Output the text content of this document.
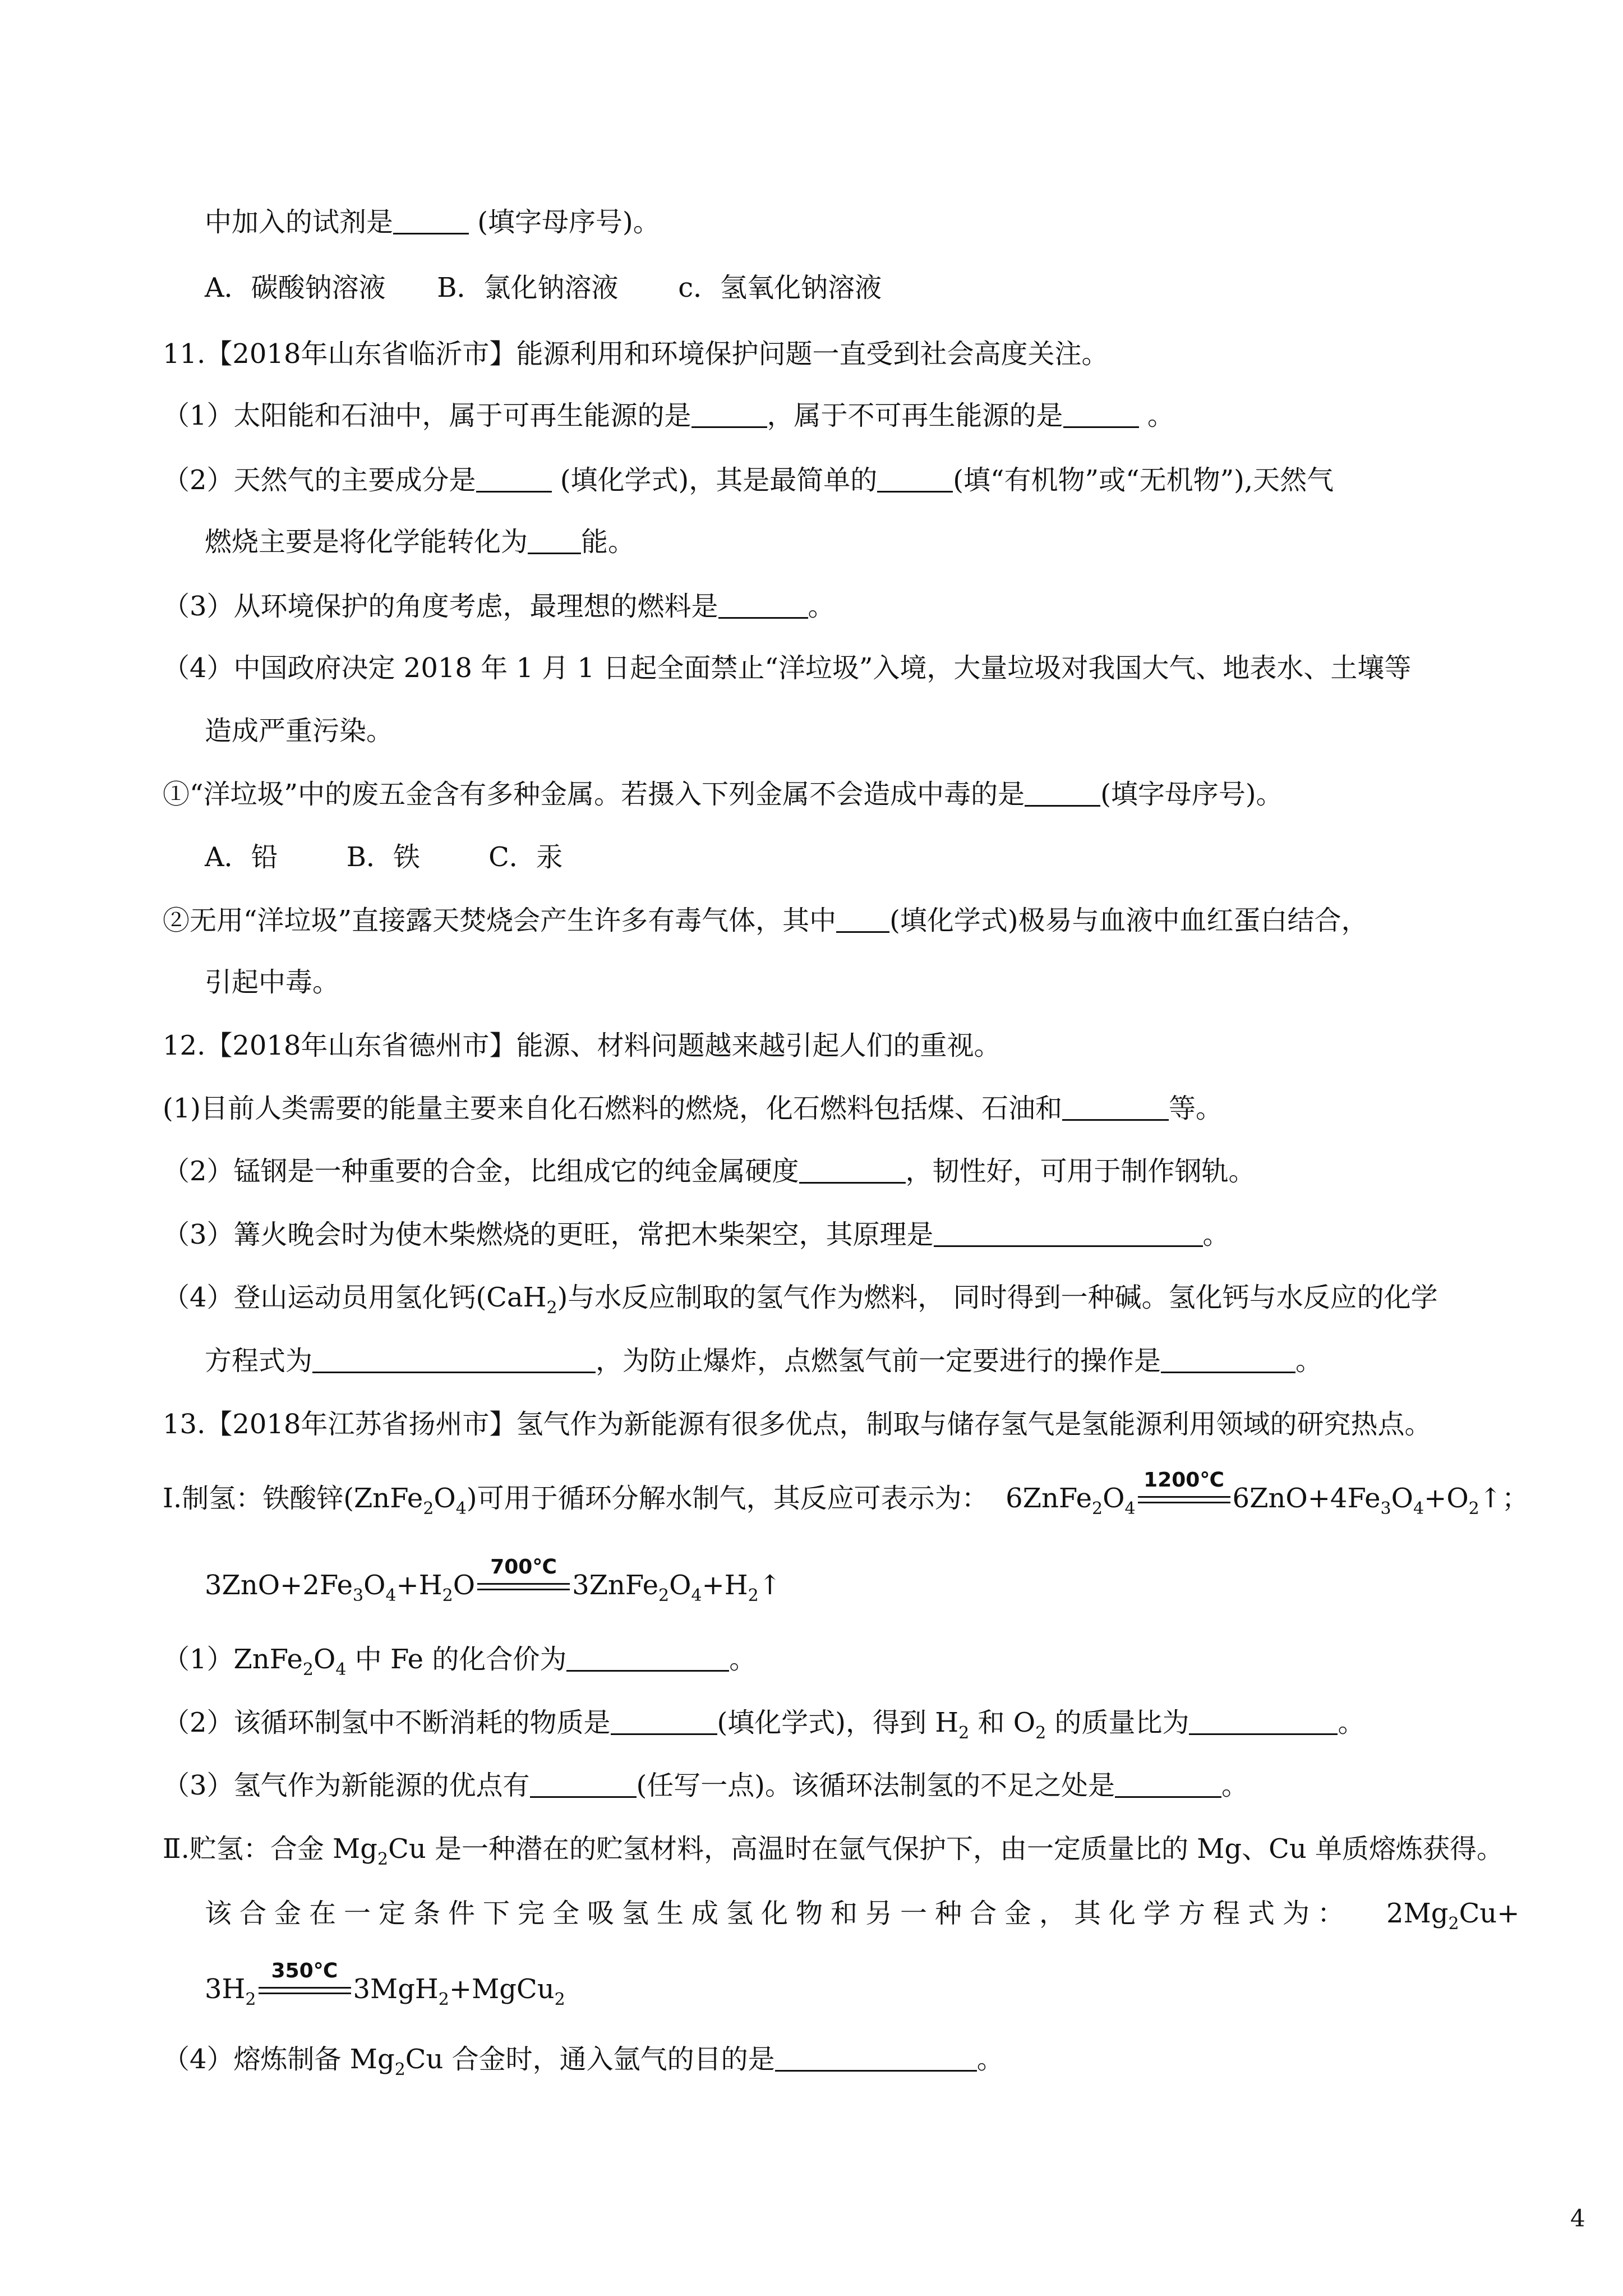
中加入的试剂是	(填字母序号)。
A．碳酸钠溶液      B．氯化钠溶液       c．氢氧化钠溶液
11.【2018年山东省临沂市】能源利用和环境保护问题一直受到社会高度关注。
（1）太阳能和石油中，属于可再生能源的是	，属于不可再生能源的是	。
（2）天然气的主要成分是	(填化学式)，其是最简单的	(填“有机物”或“无机物”),天然气
燃烧主要是将化学能转化为 能。
（3）从环境保护的角度考虑，最理想的燃料是	。
（4）中国政府决定 2018 年 1 月 1 日起全面禁止“洋垃圾”入境，大量垃圾对我国大气、地表水、土壤等
造成严重污染。
①“洋垃圾”中的废五金含有多种金属。若摄入下列金属不会造成中毒的是	(填字母序号)。
A．铅        B．铁        C．汞
②无用“洋垃圾”直接露天焚烧会产生许多有毒气体，其中 (填化学式)极易与血液中血红蛋白结合，
引起中毒。
12.【2018年山东省德州市】能源、材料问题越来越引起人们的重视。
(1)目前人类需要的能量主要来自化石燃料的燃烧，化石燃料包括煤、石油和	等。
（2）锰钢是一种重要的合金，比组成它的纯金属硬度	，韧性好，可用于制作钢轨。
（3）篝火晚会时为使木柴燃烧的更旺，常把木柴架空，其原理是	。
（4）登山运动员用氢化钙(CaH$_2$)与水反应制取的氢气作为燃料， 同时得到一种碱。氢化钙与水反应的化学
方程式为	，为防止爆炸，点燃氢气前一定要进行的操作是	。
13.【2018年江苏省扬州市】氢气作为新能源有很多优点，制取与储存氢气是氢能源利用领域的研究热点。
I.制氢：铁酸锌$(ZnFe_2O_4)$可用于循环分解水制气，其反应可表示为：  $6ZnFe_2O_4$
1200℃
$6ZnO+4Fe_3O_4+O_2↑$；
$3ZnO+2Fe_3O_4+H_2O$
700℃
$3ZnFe_2O_4+H_2↑$
$(1)ZnFe_2O_4$ 中 Fe 的化合价为	。
（2）该循环制氢中不断消耗的物质是	(填化学式)，得到 $H_2$ 和 $O_2$ 的质量比为	。
（3）氢气作为新能源的优点有	(任写一点)。该循环法制氢的不足之处是	。
Ⅱ.贮氢：合金 $Mg_2Cu$ 是一种潜在的贮氢材料，高温时在氩气保护下，由一定质量比的 Mg、Cu 单质熔炼获得。
该合金在一定条件下完全吸氢生成氢化物和另一种合金，其化学方程式为： $2Mg_2Cu+$
$3H_2$
350℃
3MgH$_2$+MgCu$_2$
（4）熔炼制备 $Mg_2Cu$ 合金时，通入氩气的目的是	。
4
